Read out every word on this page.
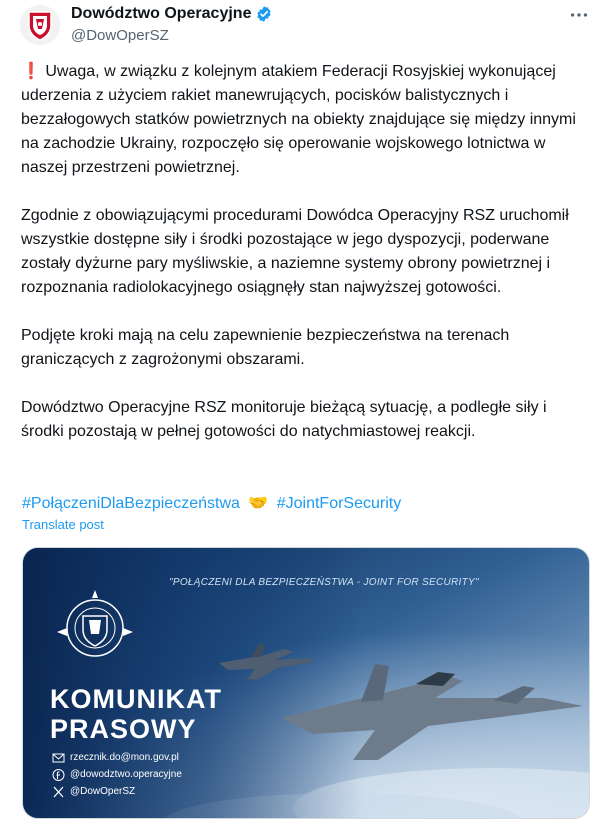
Dowództwo Operacyjne
@DowOperSZ

❗ Uwaga, w związku z kolejnym atakiem Federacji Rosyjskiej wykonującej uderzenia z użyciem rakiet manewrujących, pocisków balistycznych i bezzałogowych statków powietrznych na obiekty znajdujące się między innymi na zachodzie Ukrainy, rozpoczęło się operowanie wojskowego lotnictwa w naszej przestrzeni powietrznej.

Zgodnie z obowiązującymi procedurami Dowódca Operacyjny RSZ uruchomił wszystkie dostępne siły i środki pozostające w jego dyspozycji, poderwane zostały dyżurne pary myśliwskie, a naziemne systemy obrony powietrznej i rozpoznania radiolokacyjnego osiągnęły stan najwyższej gotowości.

Podjęte kroki mają na celu zapewnienie bezpieczeństwa na terenach graniczących z zagrożonymi obszarami.

Dowództwo Operacyjne RSZ monitoruje bieżącą sytuację, a podległe siły i środki pozostają w pełnej gotowości do natychmiastowej reakcji.

#PołączeniDlaBezpieczeństwa 🤝 #JointForSecurity
Translate post
"POŁĄCZENI DLA BEZPIECZEŃSTWA - JOINT FOR SECURITY"
KOMUNIKAT
PRASOWY
rzecznik.do@mon.gov.pl
@dowodztwo.operacyjne
@DowOperSZ
